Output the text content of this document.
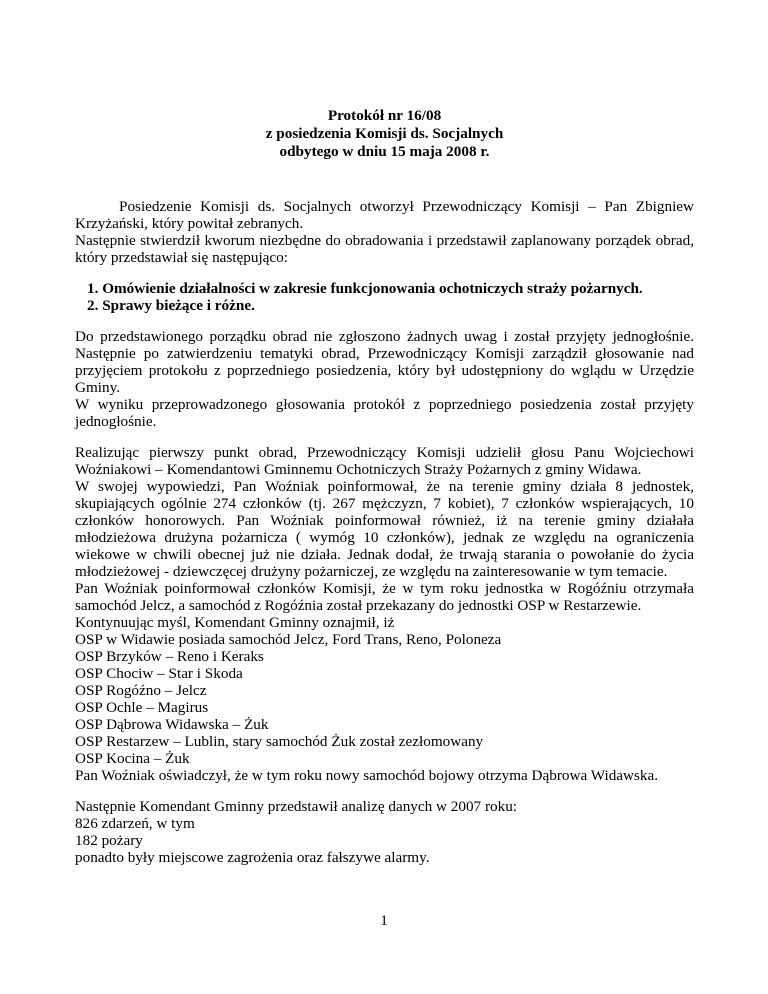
Protokół nr 16/08
z posiedzenia Komisji ds. Socjalnych
odbytego w dniu 15 maja 2008 r.

Posiedzenie Komisji ds. Socjalnych otworzył Przewodniczący Komisji – Pan Zbigniew Krzyżański, który powitał zebranych.

Następnie stwierdził kworum niezbędne do obradowania i przedstawił zaplanowany porządek obrad, który przedstawiał się następująco:

1. Omówienie działalności w zakresie funkcjonowania ochotniczych straży pożarnych.
2. Sprawy bieżące i różne.

Do przedstawionego porządku obrad nie zgłoszono żadnych uwag i został przyjęty jednogłośnie. Następnie po zatwierdzeniu tematyki obrad, Przewodniczący Komisji zarządził głosowanie nad przyjęciem protokołu z poprzedniego posiedzenia, który był udostępniony do wglądu w Urzędzie Gminy.

W wyniku przeprowadzonego głosowania protokół z poprzedniego posiedzenia został przyjęty jednogłośnie.

Realizując pierwszy punkt obrad, Przewodniczący Komisji udzielił głosu Panu Wojciechowi Woźniakowi – Komendantowi Gminnemu Ochotniczych Straży Pożarnych z gminy Widawa.

W swojej wypowiedzi, Pan Woźniak poinformował, że na terenie gminy działa 8 jednostek, skupiających ogólnie 274 członków (tj. 267 mężczyzn, 7 kobiet), 7 członków wspierających, 10 członków honorowych. Pan Woźniak poinformował również, iż na terenie gminy działała młodzieżowa drużyna pożarnicza ( wymóg 10 członków), jednak ze względu na ograniczenia wiekowe w chwili obecnej już nie działa. Jednak dodał, że trwają starania o powołanie do życia młodzieżowej - dziewczęcej drużyny pożarniczej, ze względu na zainteresowanie w tym temacie.

Pan Woźniak poinformował członków Komisji, że w tym roku jednostka w Rogóźniu otrzymała samochód Jelcz, a samochód z Rogóźnia został przekazany do jednostki OSP w Restarzewie.

Kontynuując myśl, Komendant Gminny oznajmił, iż

OSP w Widawie posiada samochód Jelcz, Ford Trans, Reno, Poloneza
OSP Brzyków – Reno i Keraks
OSP Chociw – Star i Skoda
OSP Rogóźno – Jelcz
OSP Ochle – Magirus
OSP Dąbrowa Widawska – Żuk
OSP Restarzew – Lublin, stary samochód Żuk został zezłomowany
OSP Kocina – Żuk

Pan Woźniak oświadczył, że w tym roku nowy samochód bojowy otrzyma Dąbrowa Widawska.

Następnie Komendant Gminny przedstawił analizę danych w 2007 roku:
826 zdarzeń, w tym
182 pożary
ponadto były miejscowe zagrożenia oraz fałszywe alarmy.
1
